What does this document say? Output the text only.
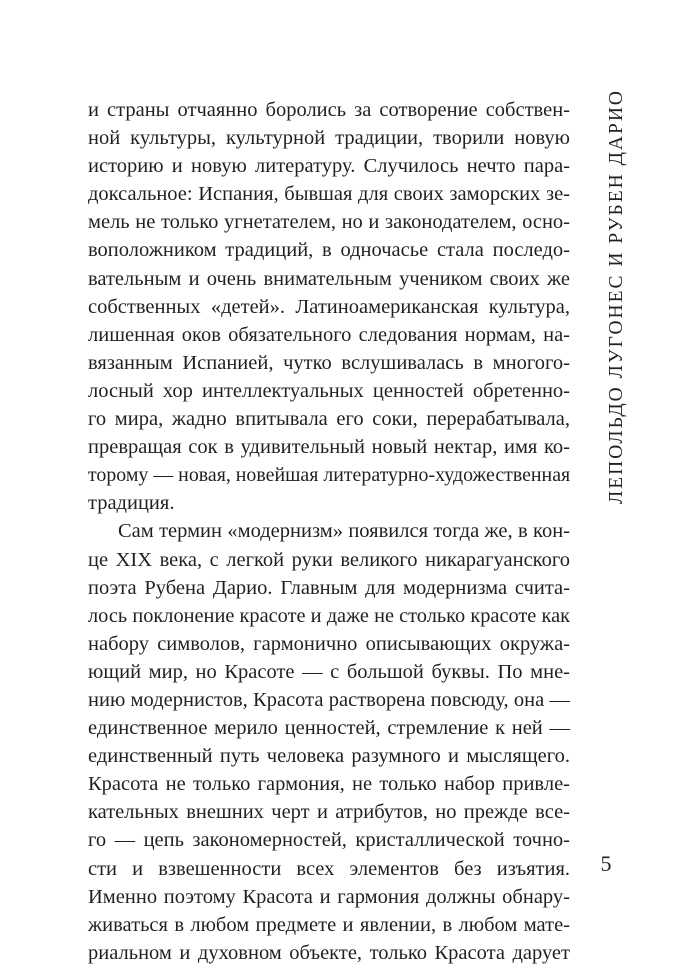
и страны отчаянно боролись за сотворение собствен-
ной культуры, культурной традиции, творили новую
историю и новую литературу. Случилось нечто пара-
доксальное: Испания, бывшая для своих заморских зе-
мель не только угнетателем, но и законодателем, осно-
воположником традиций, в одночасье стала последо-
вательным и очень внимательным учеником своих же
собственных «детей». Латиноамериканская культура,
лишенная оков обязательного следования нормам, на-
вязанным Испанией, чутко вслушивалась в многого-
лосный хор интеллектуальных ценностей обретенно-
го мира, жадно впитывала его соки, перерабатывала,
превращая сок в удивительный новый нектар, имя ко-
торому — новая, новейшая литературно-художественная
традиция.
Сам термин «модернизм» появился тогда же, в кон-
це XIX века, с легкой руки великого никарагуанского
поэта Рубена Дарио. Главным для модернизма счита-
лось поклонение красоте и даже не столько красоте как
набору символов, гармонично описывающих окружа-
ющий мир, но Красоте — с большой буквы. По мне-
нию модернистов, Красота растворена повсюду, она —
единственное мерило ценностей, стремление к ней —
единственный путь человека разумного и мыслящего.
Красота не только гармония, не только набор привле-
кательных внешних черт и атрибутов, но прежде все-
го — цепь закономерностей, кристаллической точно-
сти и взвешенности всех элементов без изъятия.
Именно поэтому Красота и гармония должны обнару-
живаться в любом предмете и явлении, в любом мате-
риальном и духовном объекте, только Красота дарует
ЛЕПОЛЬДО ЛУГОНЕС И РУБЕН ДАРИО
5
